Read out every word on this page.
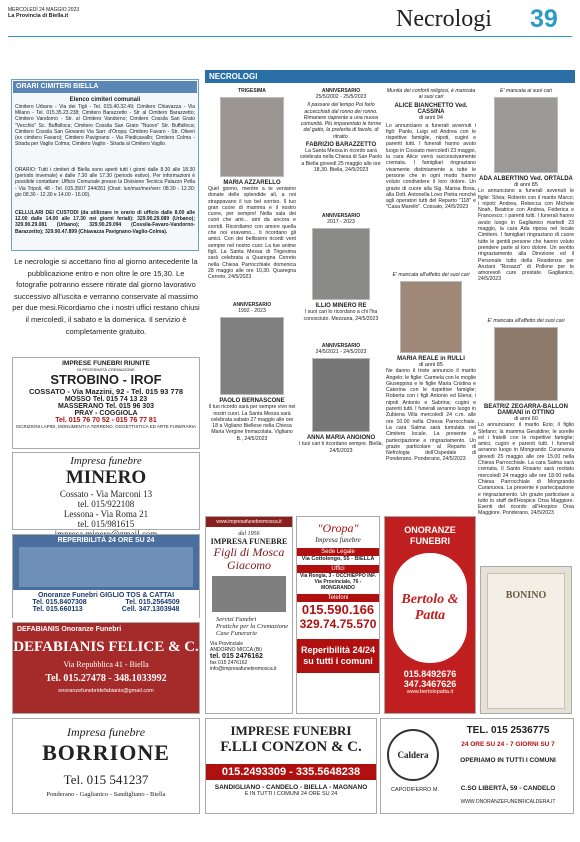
MERCOLEDÌ 24 MAGGIO 2023
La Provincia di Biella.it	Necrologi 39
ORARI CIMITERI BIELLA
Elenco cimiteri comunali
Cimitero Urbano - Via dei Tigli - Tel. 015.40.32.49; Cimitero Chiavazza - Via Milano - Tel. 015.35.23.238; Cimitero Barazzetto - Str al Cimitero Barazzetto; Cimitero Vandorno - Str. al Cimitero Vandorno; Cimitero Cossila San Grato "Vecchio" Sc. Buffalloca; Cimitero Cossila San Grato "Nuovo" Str. Buffalloca; Cimitero Cossila San Giovanni Via Sarr. d'Oropa; Cimitero Favaro - Str. Oliveri (ex cimitero Favaro); Cimitero Pavignano - Via Piedicavallo; Cimitero Colma - Strada per Vaglio Colma; Cimitero Vaglio - Strada al Cimitero Vaglio.
ORARIO: Tutti i cimiteri di Biella sono aperti tutti i giorni dalle 8.30 alle 18.30 (periodo invernale) e dalle 7.30 alle 17.30 (periodo estivo). Per informazioni è possibile contattare: Ufficio Comunale presso la Divisione Tecnica Palazzo Pella - Via Tripoli, 48 - Tel. 015.3507 244/261 (Orari: lun/mar/mer/ven: 08.30 - 12.30; gio 08.30 - 12.30 e 14.00 - 16.00).
CELLULARI DEI CUSTODI (da utilizzare in orario di ufficio dalle 8.00 alle 12.00 dalle 14.00 alle 17.30 nei giorni feriali): 329.90.29.089 (Urbano); 329.90.29.081 (Urbano); 329.90.29.094 (Cossila-Favaro-Vandorno- Barazzetto); 329.90.47.899 (Chiavazza Pavignano-Vaglio-Colma).
Le necrologie si accettano fino al giorno antecedente la pubblicazione entro e non oltre le ore 15,30. Le fotografie potranno essere ritirate dal giorno lavorativo successivo all'uscita e verranno conservate al massimo per due mesi.Ricordiamo che i nostri uffici restano chiusi il mercoledì, il sabato e la domenica. Il servizio è completamente gratuito.
IMPRESE FUNEBRI RIUNITE
DI PROSSIMITÀ CREMAZIONE
STROBINO - IROF
COSSATO - Via Mazzini, 92 - Tel. 015 93 778
MOSSO Tel. 015 74 13 23
MASSERANO Tel. 015 96 303
PRAY - COGGIOLA
Tel. 015 76 70 52 - 015 76 77 81
ISCRIZIONI LAPIDI, MONUMENTI A TERRENO, OGGETTISTICA ED ARTE FUNERARIA
Impresa funebre
MINERO
Cossato - Via Marconi 13
tel. 015/922108
Lessona - Via Roma 21
tel. 015/981615
REPERIBILITÀ 24 ORE SU 24
Onoranze Funebri GIGLIO TOS & CATTAI
Tel. 015.8407308	Tel. 015.2564509
Tel. 015.660113	Cell. 347.1303948
DEFABIANIS Onoranze Funebri
DEFABIANIS FELICE & C.
Via Repubblica 41 - Biella
Tel. 015.27478 - 348.1033992
onoranzefunebridefabianis@gmail.com
Impresa funebre
BORRIONE
Tel. 015 541237
Ponderano - Gaglianico - Sandigliano - Biella
NECROLOGI
TRIGESIMA
MARIA AZZARELLO
Quel giorno, mentre a te veniamo donate delle splendide ali, a noi strappavano il tuo bel sorriso. Il tuo gran cuore di mamma e il nostro cuore, per sempre! Nella sala dei cuori che ami... ami da ancora e sorridi. Ricordiamo con amore quella che noi eravamo... ti ricordano gli amici. Con dei bellissimi ricordi vent sempre nel nostro cuor. La tue anime figli. La Santa Messa di Trigesima sarà celebrata a Quaregna Cerreto nella Chiesa Parrocchiale domenica 28 maggio alle ore 10,30. Quaregna Cerreto, 24/5/2023
ANNIVERSARIO
1992 - 2023
PAOLO BERNASCONE
Il tuo ricordo sarà per sempre vivo nei nostri cuori. La Santa Messa sarà celebrata sabato 27 maggio alle ore 18 a Vigliano Biellese nella Chiesa Maria Vergine Immacolata. Vigliano B., 24/5/2023
ANNIVERSARIO
25/5/2002 - 25/5/2023
Il passare del tempo Poi farlo accecchiati dal ronno dei ronno. Rimanere riaprente a una nuova comunità. Più imparentato le forme del gatto, la preferita di favolo, di ritratto.
FABRIZIO BARAZZETTO
La Santa Messa in ricordo sarà celebrata nella Chiesa di San Paolo a Biella giovedì 25 maggio alle ore 18,30. Biella, 24/5/2023
ANNIVERSARIO
2017 - 2023
ILLIO MINERO RE
I suoi cari lo ricordano a chi l'ha conosciuto. Mezzana, 24/5/2023
ANNIVERSARIO
24/5/2021 - 24/5/2023
ANNA MARIA ANGIONO
I tuoi cari ti ricordano sempre. Biella, 24/5/2023
Munita dei conforti religiosi, è mancata ai suoi cari
ALICE BIANCHETTO Ved. CASSINA
di anni 94
Lo annunciano a funerali avvenuti i figli: Paolo, Luigi ed Andrea con le rispettive famiglie, nipoti, cugini e parenti tutti. I funerali hanno avuto luogo in Cossato mercoledì 23 maggio, la cara Alice verrà successivamente cremata. I famigliari ringraziano vivamente distintamente a tutte le persone che in ogni modo hanno voluto condividere il loro dolore. Un grazie di cuore alla Sig. Marisa Bosa, alla Dott. Antonella Lovo Pietra nonché agli operatori tutti del Reparto "118" e "Casa Marello". Cossato, 24/5/2023
E' mancata all'affetto dei suoi cari
MARIA REALE in RULLI
di anni 85
Ne danno il triste annuncio il marito Angelo; le figlie: Carmela con le moglie Giuseppina e le figlie Maria Cristina e Caterina con le rispettive famiglie; Roberta con i figli Antonio ed Elena; i nipoti Antonio e Sabrina; cugini e parenti tutti. I funerali avranno luogo in Zubiena Villa mercoledì 24 c.m. alle ore 10.00 nella Chiesa Parrocchiale. La cara Salma sarà tumulata nel Cimitero locale. La presente è partecipazione e ringraziamento. Un grazie particolare al Reparto di Nefrologia dell'Ospedale di Ponderano. Ponderano, 24/5/2023
E' mancata ai suoi cari
ADA ALBERTINO Ved. ORTALDA
di anni 85
Lo annunciano a funerali avvenuti le figlie: Silvia; Roberto con il marito Marco; i nipoti: Andrea, Rebecca con Michele Noah, Beatrice con Andrea, Federica e Francesco; i parenti tutti. I funerali hanno avuto luogo in Gaglianico martedì 23 maggio, la cara Ada riposa nel locale Cimitero. I famigliari ringraziano di cuore tutte le gentili persone che hanno voluto prendere parte al loro dolore. Un sentito ringraziamento alla Direzione ed il Personale tutto della Residenza per Anziani "Rosazzi" di Pollone per le amorevoli cure prestate. Gaglianico, 24/5/2023
E' mancata all'affetto dei suoi cari
BEATRIZ ZEGARRA-BALLON DAMIANI in OTTINO
di anni 60
Lo annunciano: il marito Ezio; il figlio Stefano; la mamma Geraldine; le sorelle ed i fratelli con le rispettive famiglie; amici, cugini e parenti tutti. I funerali avranno luogo in Mongrando Curanuova giovedì 25 maggio alle ore 15.00 nella Chiesa Parrocchiale. La cara Salma sarà cremata. Il Santo Rosario sarà recitato mercoledì 24 maggio alle ore 18.00 nella Chiesa Parrocchiale di Mongrando Curanuova. La presente è partecipazione e ringraziamento. Un grazie particolare a tutto lo staff dell'Hospice Orsa Maggiore. Esenti del ricordo all'Hospice Orsa Maggiore. Ponderano, 24/5/2023
www.impresafunebremosca.it
dal 1956
IMPRESA FUNEBRE
Figli di Mosca Giacomo
Servizi Funebri
Pratiche per la Cremazione
Case Funerarie
Via Provinciale
ANDORNO MICCA (Bi)
tel. 015 2476162
fax 015 2476162
info@impresafunebremosca.it
"Oropa"
Impresa funebre
Sede Legale
Via Cottolengo, 55 - BIELLA
Uffici
Via Rongia, 3 - OCCHIEPPO INF.
Via Provinciale, 76 - MONGRANDO
Telefoni
015.590.166
329.74.75.570
Reperibilità 24/24 su tutti i comuni
ONORANZE FUNEBRI
Bertolo & Patta
015.8492676
347.3467626
www.bertolopatta.it
BONINO
IMPRESE FUNEBRI
F.LLI CONZON & C.
015.2493309 - 335.5648238
SANDIGLIANO - CANDELO - BIELLA - MAGNANO
E IN TUTTI I COMUNI 24 ORE SU 24
Caldera
TEL. 015 2536775
24 ORE SU 24 - 7 GIORNI SU 7
OPERIAMO IN TUTTI I COMUNI
CAPODIFERRO M.	C.SO LIBERTÀ, 59 - CANDELO
WWW.ONORANZEFUNEBRICALDERA.IT
